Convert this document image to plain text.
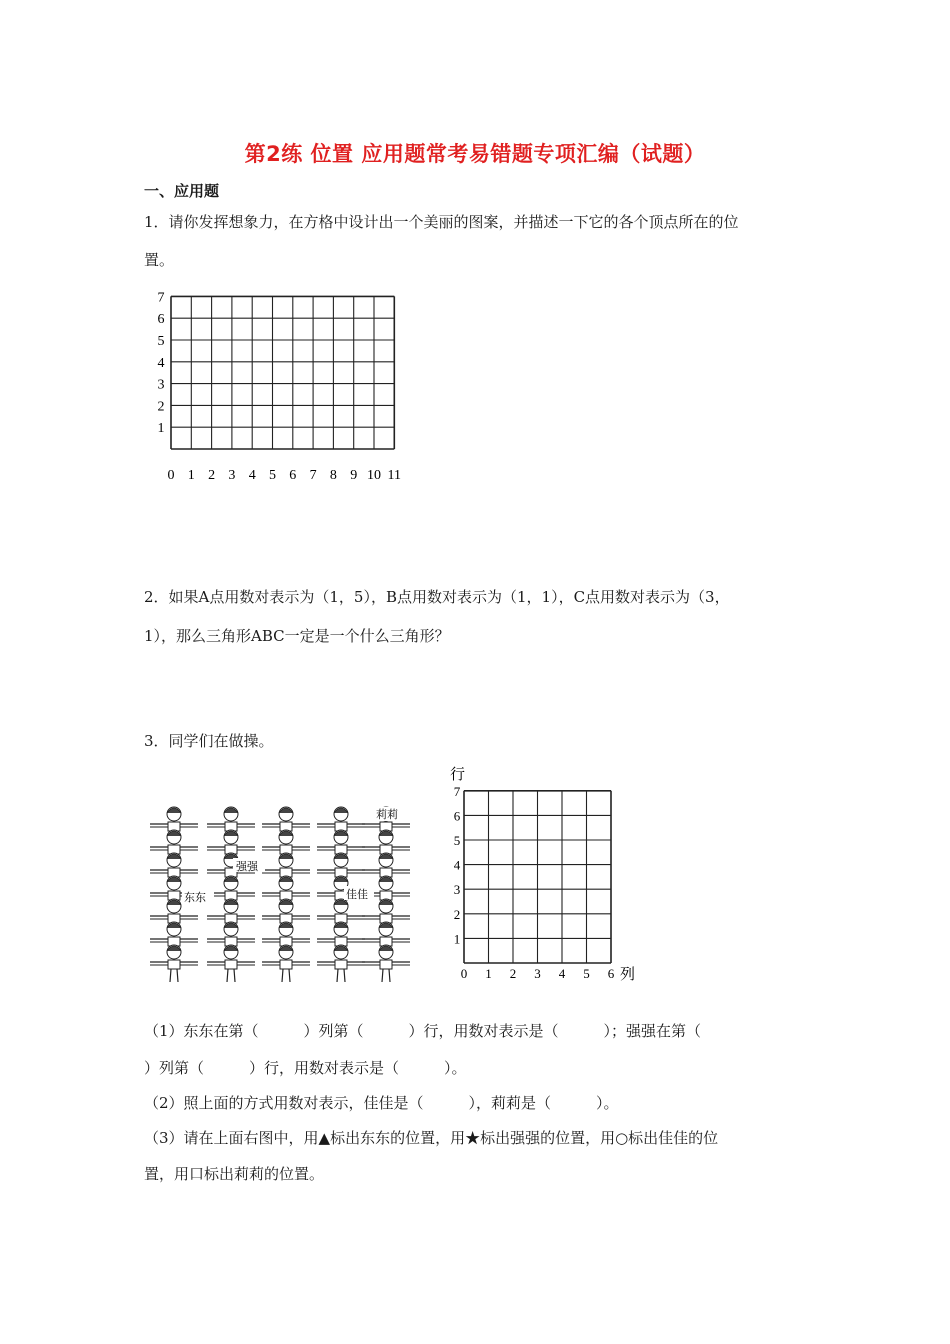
第2练 位置 应用题常考易错题专项汇编（试题）
一、应用题
1．请你发挥想象力，在方格中设计出一个美丽的图案，并描述一下它的各个顶点所在的位
置。
0 1 2 3 4 5 6 7 8 9 10 11
1
2
3
4
5
6
7
2．如果A点用数对表示为（1，5），B点用数对表示为（1，1），C点用数对表示为（3，
1），那么三角形ABC一定是一个什么三角形？
3．同学们在做操。
莉莉
强强
东东	佳佳
行
列
0 1 2 3 4 5 6
1
2
3
4
5
6
7
（1）东东在第（　　　）列第（　　　）行，用数对表示是（　　　）；强强在第（
）列第（　　　）行，用数对表示是（　　　）。
（2）照上面的方式用数对表示，佳佳是（　　　），莉莉是（　　　）。
（3）请在上面右图中，用▲标出东东的位置，用★标出强强的位置，用○标出佳佳的位
置，用口标出莉莉的位置。
